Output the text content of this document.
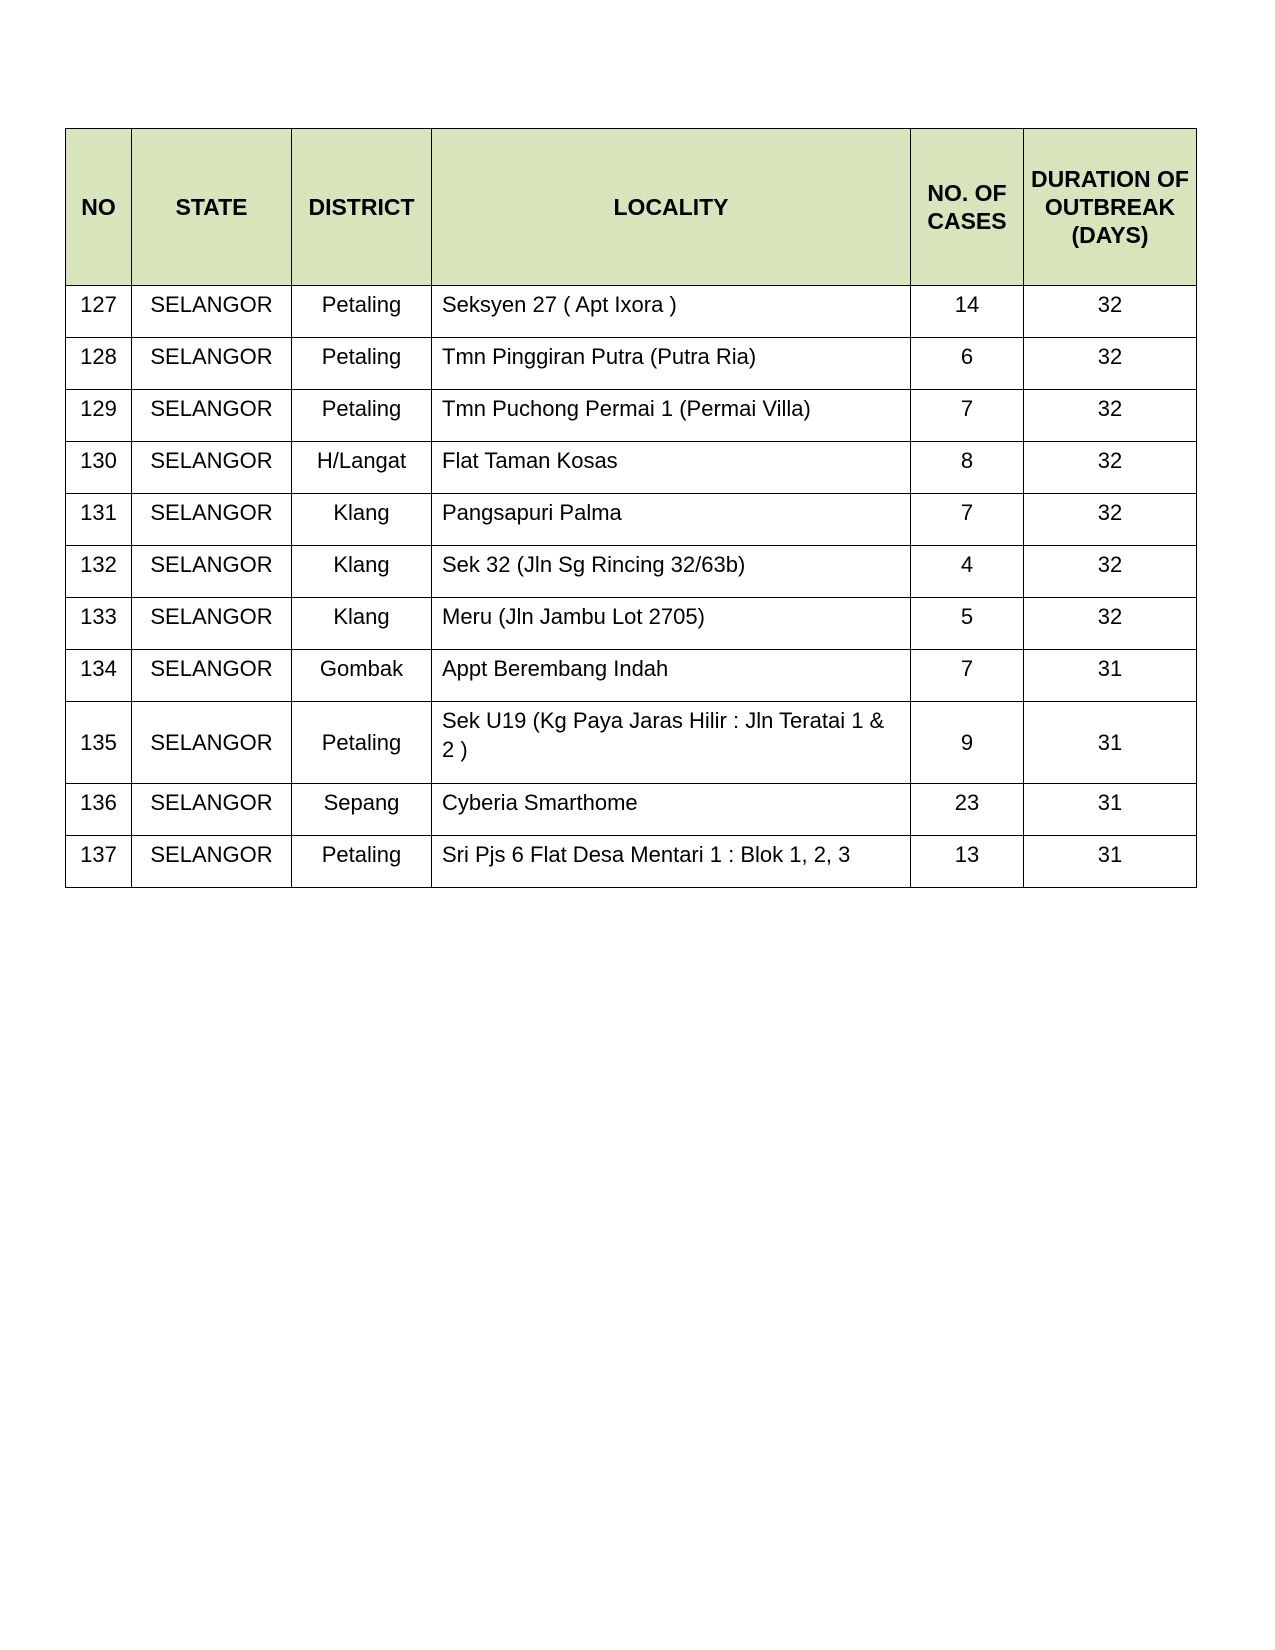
NO	STATE	DISTRICT	LOCALITY	NO. OF CASES	DURATION OF OUTBREAK (DAYS)
127	SELANGOR	Petaling	Seksyen 27 ( Apt Ixora )	14	32
128	SELANGOR	Petaling	Tmn Pinggiran Putra (Putra Ria)	6	32
129	SELANGOR	Petaling	Tmn Puchong Permai 1 (Permai Villa)	7	32
130	SELANGOR	H/Langat	Flat Taman Kosas	8	32
131	SELANGOR	Klang	Pangsapuri Palma	7	32
132	SELANGOR	Klang	Sek 32 (Jln Sg Rincing 32/63b)	4	32
133	SELANGOR	Klang	Meru (Jln Jambu Lot 2705)	5	32
134	SELANGOR	Gombak	Appt Berembang Indah	7	31
135	SELANGOR	Petaling	Sek U19 (Kg Paya Jaras Hilir : Jln Teratai 1 & 2 )	9	31
136	SELANGOR	Sepang	Cyberia Smarthome	23	31
137	SELANGOR	Petaling	Sri Pjs 6 Flat Desa Mentari 1 : Blok 1, 2, 3	13	31
